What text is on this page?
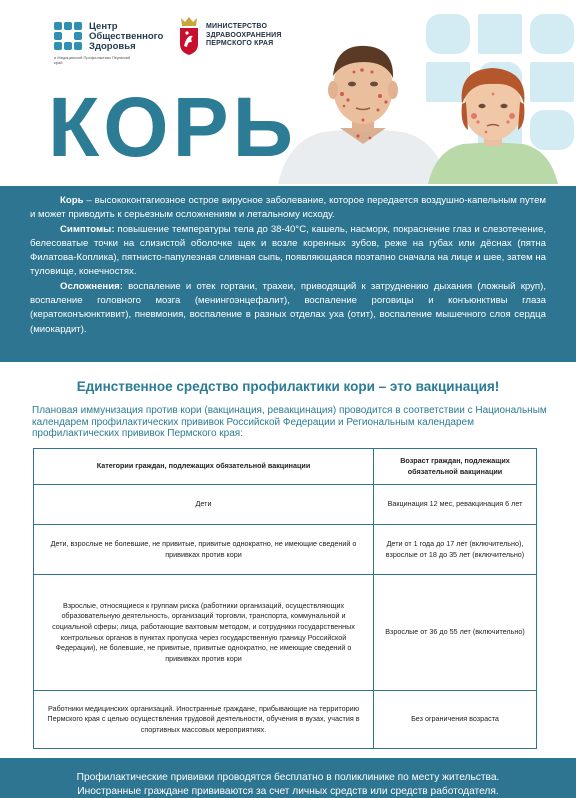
Центр
Общественного
Здоровья
и Медицинской Профилактики Пермский край
МИНИСТЕРСТВО
ЗДРАВООХРАНЕНИЯ
ПЕРМСКОГО КРАЯ
КОРЬ

Корь – высококонтагиозное острое вирусное заболевание, которое передается воздушно-капельным путем и может приводить к серьезным осложнениям и летальному исходу.

Симптомы: повышение температуры тела до 38-40°С, кашель, насморк, покраснение глаз и слезотечение, белесоватые точки на слизистой оболочке щек и возле коренных зубов, реже на губах или дёснах (пятна Филатова-Коплика), пятнисто-папулезная сливная сыпь, появляющаяся поэтапно сначала на лице и шее, затем на туловище, конечностях.

Осложнения: воспаление и отек гортани, трахеи, приводящий к затруднению дыхания (ложный круп), воспаление головного мозга (менингоэнцефалит), воспаление роговицы и конъюнктивы глаза (кератоконъюнктивит), пневмония, воспаление в разных отделах уха (отит), воспаление мышечного слоя сердца (миокардит).

Единственное средство профилактики кори – это вакцинация!
Плановая иммунизация против кори (вакцинация, ревакцинация) проводится в соответствии с Национальным календарем профилактических прививок Российской Федерации и Региональным календарем профилактических прививок Пермского края:
Категории граждан, подлежащих обязательной вакцинации	Возраст граждан, подлежащих обязательной вакцинации
Дети	Вакцинация 12 мес, ревакцинация 6 лет
Дети, взрослые не болевшие, не привитые, привитые однократно, не имеющие сведений о прививках против кори	Дети от 1 года до 17 лет (включительно), взрослые от 18 до 35 лет (включительно)
Взрослые, относящиеся к группам риска (работники организаций, осуществляющих образовательную деятельность, организаций торговли, транспорта, коммунальной и социальной сферы; лица, работающие вахтовым методом, и сотрудники государственных контрольных органов в пунктах пропуска через государственную границу Российской Федерации), не болевшие, не привитые, привитые однократно, не имеющие сведений о прививках против кори	Взрослые от 36 до 55 лет (включительно)
Работники медицинских организаций. Иностранные граждане, прибывающие на территорию Пермского края с целью осуществления трудовой деятельности, обучения в вузах, участия в спортивных массовых мероприятиях.	Без ограничения возраста
Профилактические прививки проводятся бесплатно в поликлинике по месту жительства.
Иностранные граждане прививаются за счет личных средств или средств работодателя.
